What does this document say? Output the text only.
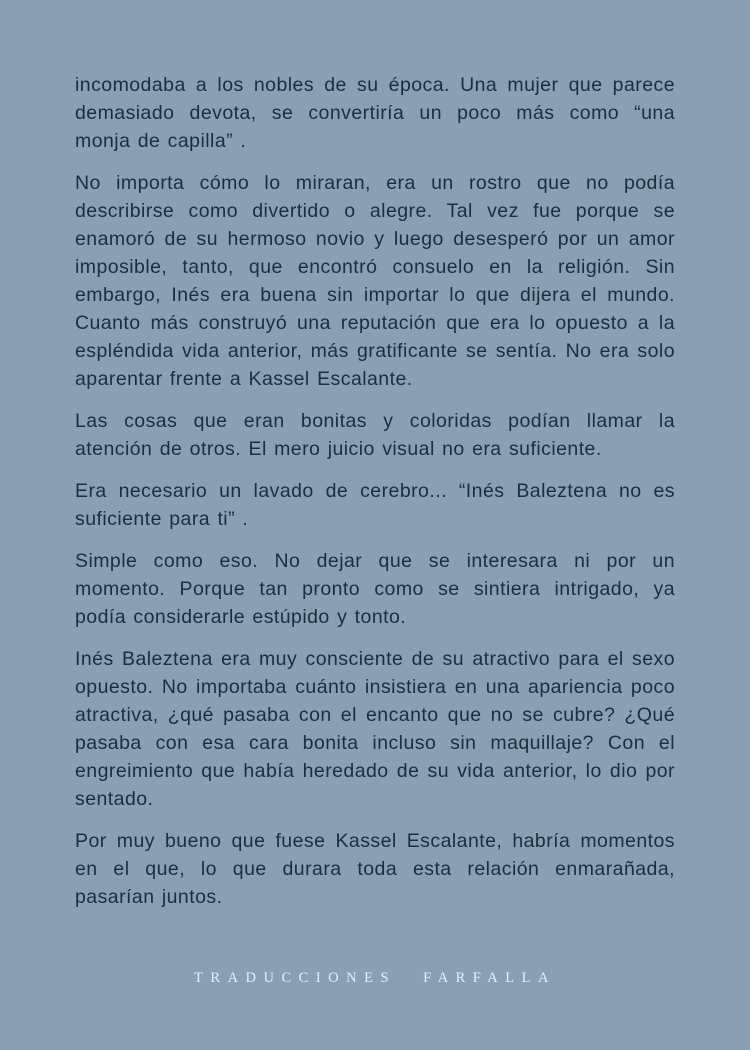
incomodaba a los nobles de su época. Una mujer que parece demasiado devota, se convertiría un poco más como “una monja de capilla” .

No importa cómo lo miraran, era un rostro que no podía describirse como divertido o alegre. Tal vez fue porque se enamoró de su hermoso novio y luego desesperó por un amor imposible, tanto, que encontró consuelo en la religión. Sin embargo, Inés era buena sin importar lo que dijera el mundo. Cuanto más construyó una reputación que era lo opuesto a la espléndida vida anterior, más gratificante se sentía. No era solo aparentar frente a Kassel Escalante.

Las cosas que eran bonitas y coloridas podían llamar la atención de otros. El mero juicio visual no era suficiente.

Era necesario un lavado de cerebro... “Inés Baleztena no es suficiente para ti” .

Simple como eso. No dejar que se interesara ni por un momento. Porque tan pronto como se sintiera intrigado, ya podía considerarle estúpido y tonto.

Inés Baleztena era muy consciente de su atractivo para el sexo opuesto. No importaba cuánto insistiera en una apariencia poco atractiva, ¿qué pasaba con el encanto que no se cubre? ¿Qué pasaba con esa cara bonita incluso sin maquillaje? Con el engreimiento que había heredado de su vida anterior, lo dio por sentado.

Por muy bueno que fuese Kassel Escalante, habría momentos en el que, lo que durara toda esta relación enmarañada, pasarían juntos.

TRADUCCIONES FARFALLA
